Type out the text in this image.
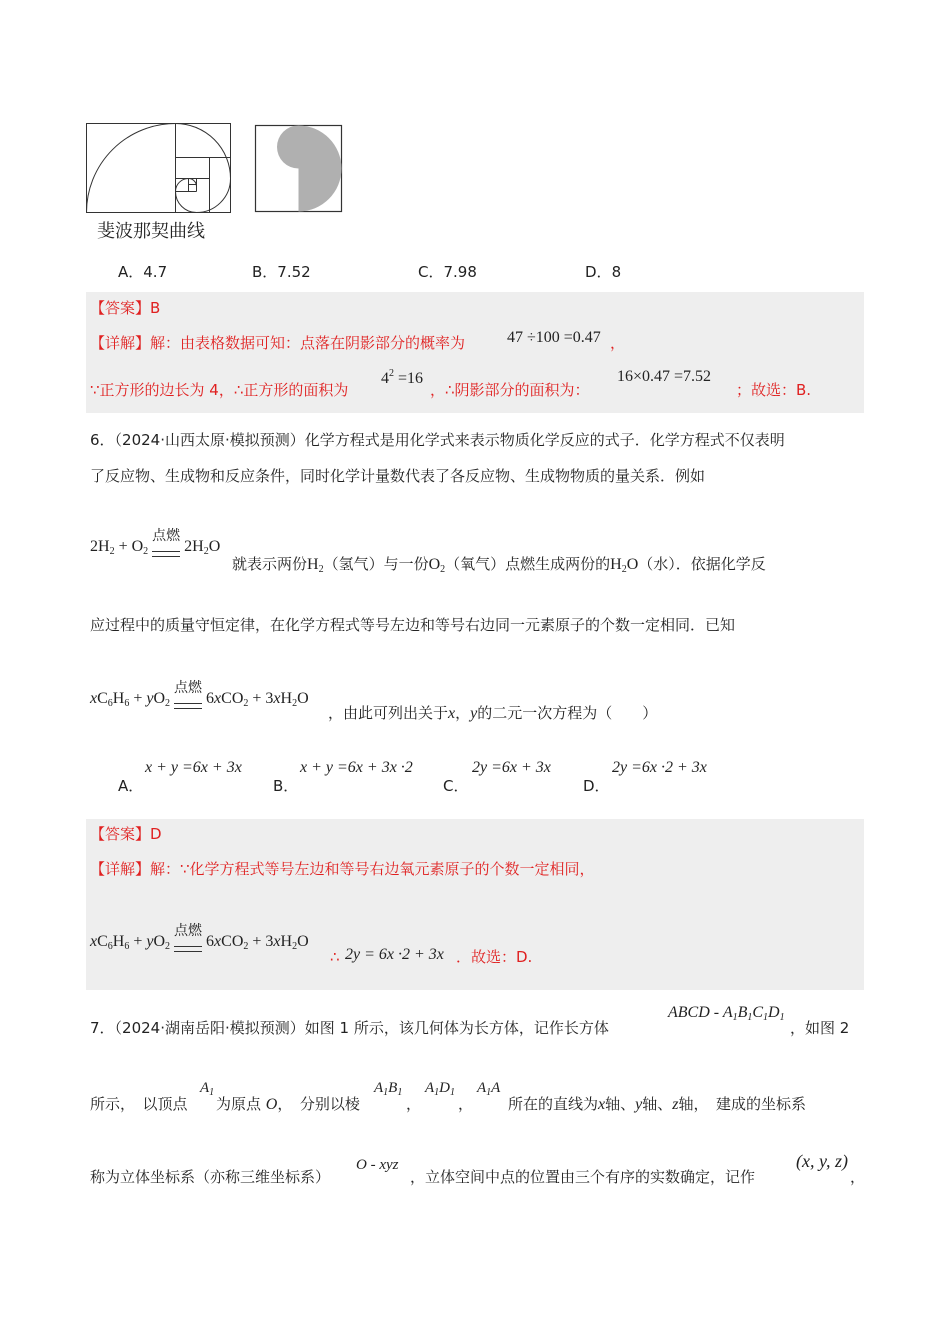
斐波那契曲线
A．4.7	B．7.52	C．7.98	D．8
【答案】B
【详解】解：由表格数据可知：点落在阴影部分的概率为	47 ÷100 =0.47 ，
∵正方形的边长为 4，∴正方形的面积为
$4^2 =16$
，∴阴影部分的面积为：
16×0.47 =7.52
；故选：B.
6．（2024·山西太原·模拟预测）化学方程式是用化学式来表示物质化学反应的式子．化学方程式不仅表明
了反应物、生成物和反应条件，同时化学计量数代表了各反应物、生成物物质的量关系．例如
$2H_2 + O_2$
点燃
$2H_2O$
就表示两份$H_2$（氢气）与一份$O_2$（氧气）点燃生成两份的$H_2O$（水）．依据化学反
应过程中的质量守恒定律，在化学方程式等号左边和等号右边同一元素原子的个数一定相同．已知
$xC_6H_6 + yO_2$
点燃
$6xCO_2 + 3xH_2O$
，由此可列出关于x，y的二元一次方程为（　　）
A．
x + y =6x + 3x
B．
x + y =6x + 3x ·2
C．
2y =6x + 3x
D．
2y =6x ·2 + 3x
【答案】D
【详解】解：∵化学方程式等号左边和等号右边氧元素原子的个数一定相同，
$xC_6H_6 + yO_2$
点燃
$6xCO_2 + 3xH_2O$
∴ 2y = 6x ·2 + 3x ．故选：D.
7．（2024·湖南岳阳·模拟预测）如图 1 所示，该几何体为长方体，记作长方体
ABCD - $A_1B_1C_1D_1$
，如图 2
所示，　以顶点
$A_1$
为原点 O，　分别以棱
$A_1B_1$
，
$A_1D_1$
，
$A_1A$
所在的直线为x轴、y轴、z轴，　建成的坐标系
称为立体坐标系（亦称三维坐标系）
O - xyz
，立体空间中点的位置由三个有序的实数确定，记作
(x, y, z)
，
